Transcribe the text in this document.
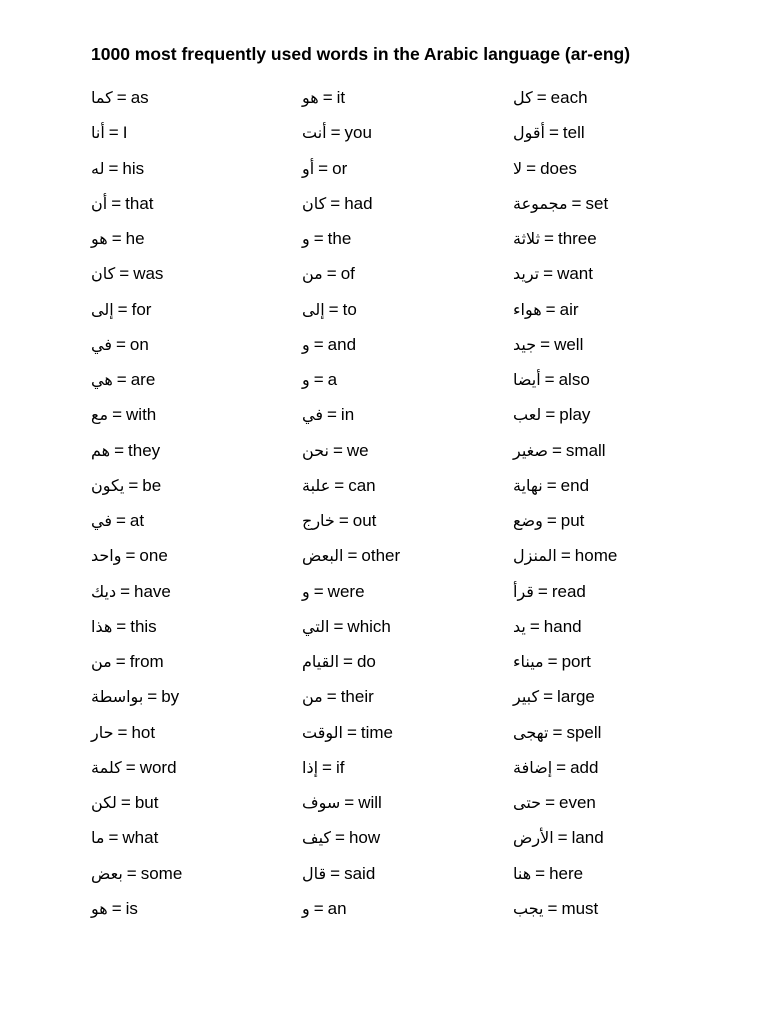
1000 most frequently used words in the Arabic language (ar-eng)
كما = as
أنا = I
له = his
أن = that
هو = he
كان = was
إلى = for
في = on
هي = are
مع = with
هم = they
يكون = be
في = at
واحد = one
ديك = have
هذا = this
من = from
بواسطة = by
حار = hot
كلمة = word
لكن = but
ما = what
بعض = some
هو = is
هو = it
أنت = you
أو = or
كان = had
و = the
من = of
إلى = to
و = and
و = a
في = in
نحن = we
علبة = can
خارج = out
البعض = other
و = were
التي = which
القيام = do
من = their
الوقت = time
إذا = if
سوف = will
كيف = how
قال = said
و = an
كل = each
أقول = tell
لا = does
مجموعة = set
ثلاثة = three
تريد = want
هواء = air
جيد = well
أيضا = also
لعب = play
صغير = small
نهاية = end
وضع = put
المنزل = home
قرأ = read
يد = hand
ميناء = port
كبير = large
تهجى = spell
إضافة = add
حتى = even
الأرض = land
هنا = here
يجب = must
